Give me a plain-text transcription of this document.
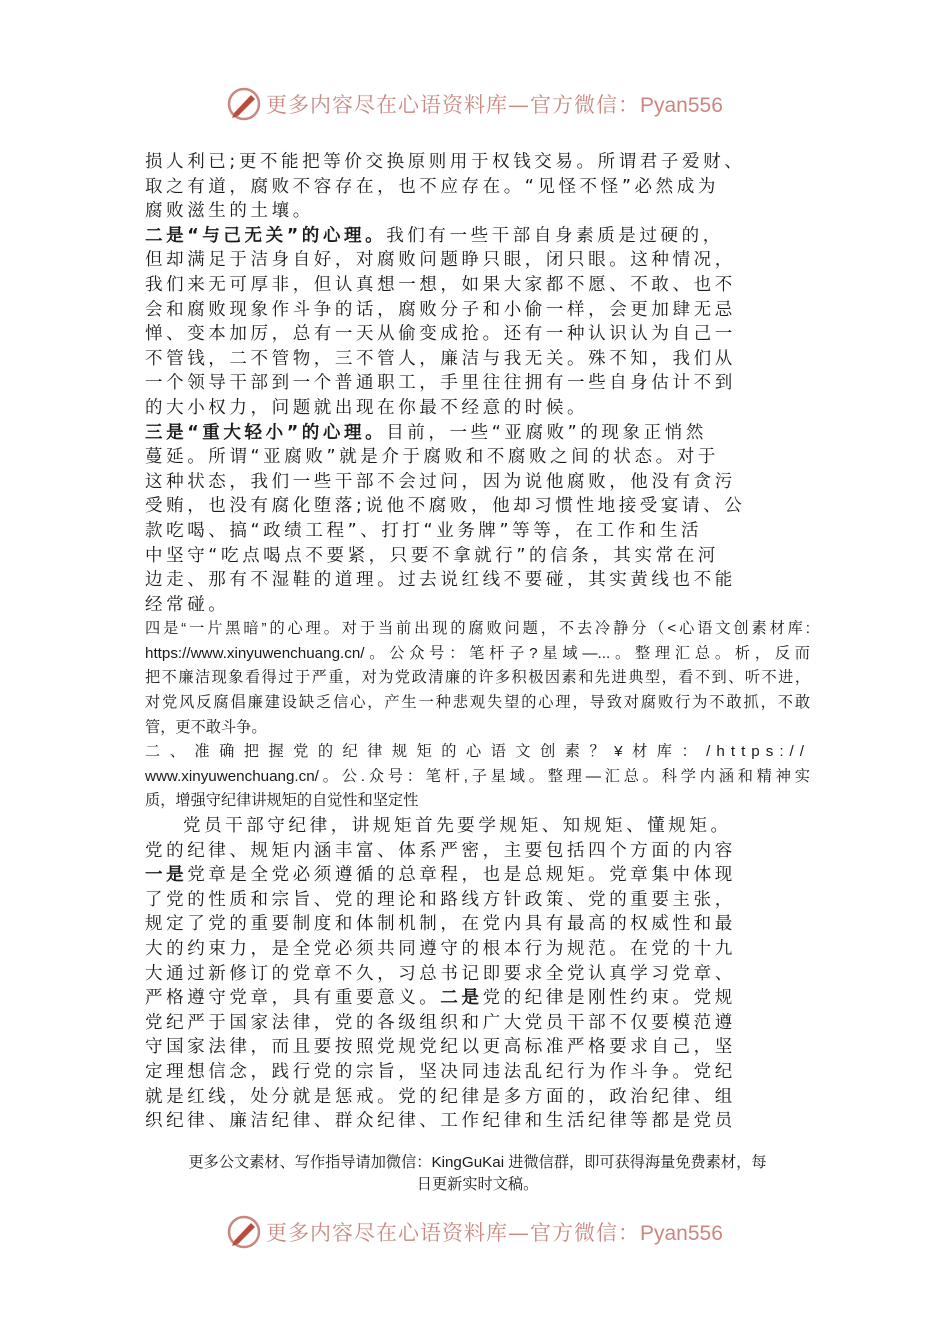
更多内容尽在心语资料库—官方微信：Pyan556
损人利已;更不能把等价交换原则用于权钱交易。所谓君子爱财、
取之有道，腐败不容存在，也不应存在。“见怪不怪”必然成为
腐败滋生的土壤。
二是“与己无关”的心理。我们有一些干部自身素质是过硬的，
但却满足于洁身自好，对腐败问题睁只眼，闭只眼。这种情况，
我们来无可厚非，但认真想一想，如果大家都不愿、不敢、也不
会和腐败现象作斗争的话，腐败分子和小偷一样，会更加肆无忌
惮、变本加厉，总有一天从偷变成抢。还有一种认识认为自己一
不管钱，二不管物，三不管人，廉洁与我无关。殊不知，我们从
一个领导干部到一个普通职工，手里往往拥有一些自身估计不到
的大小权力，问题就出现在你最不经意的时候。
三是“重大轻小”的心理。目前，一些“亚腐败”的现象正悄然
蔓延。所谓“亚腐败”就是介于腐败和不腐败之间的状态。对于
这种状态，我们一些干部不会过问，因为说他腐败，他没有贪污
受贿，也没有腐化堕落;说他不腐败，他却习惯性地接受宴请、公
款吃喝、搞“政绩工程”、打打“业务牌”等等，在工作和生活
中坚守“吃点喝点不要紧，只要不拿就行”的信条，其实常在河
边走、那有不湿鞋的道理。过去说红线不要碰，其实黄线也不能
经常碰。
四是“一片黑暗”的心理。对于当前出现的腐败问题，不去冷静分（<心语文创素材库:
https://www.xinyuwenchuang.cn/。公众号：笔杆子?星域—...。整理汇总。析，反而
把不廉洁现象看得过于严重，对为党政清廉的许多积极因素和先进典型，看不到、听不进，
对党风反腐倡廉建设缺乏信心，产生一种悲观失望的心理，导致对腐败行为不敢抓，不敢
管，更不敢斗争。
二、准确把握党的纪律规矩的心语文创素？¥材库：/https://
www.xinyuwenchuang.cn/。公.众号：笔杆,子星域。整理—汇总。科学内涵和精神实
质，增强守纪律讲规矩的自觉性和坚定性
党员干部守纪律，讲规矩首先要学规矩、知规矩、懂规矩。
党的纪律、规矩内涵丰富、体系严密，主要包括四个方面的内容
一是党章是全党必须遵循的总章程，也是总规矩。党章集中体现
了党的性质和宗旨、党的理论和路线方针政策、党的重要主张，
规定了党的重要制度和体制机制，在党内具有最高的权威性和最
大的约束力，是全党必须共同遵守的根本行为规范。在党的十九
大通过新修订的党章不久，习总书记即要求全党认真学习党章、
严格遵守党章，具有重要意义。二是党的纪律是刚性约束。党规
党纪严于国家法律，党的各级组织和广大党员干部不仅要模范遵
守国家法律，而且要按照党规党纪以更高标准严格要求自己，坚
定理想信念，践行党的宗旨，坚决同违法乱纪行为作斗争。党纪
就是红线，处分就是惩戒。党的纪律是多方面的，政治纪律、组
织纪律、廉洁纪律、群众纪律、工作纪律和生活纪律等都是党员
更多公文素材、写作指导请加微信：KingGuKai 进微信群，即可获得海量免费素材，每
日更新实时文稿。
更多内容尽在心语资料库—官方微信：Pyan556
